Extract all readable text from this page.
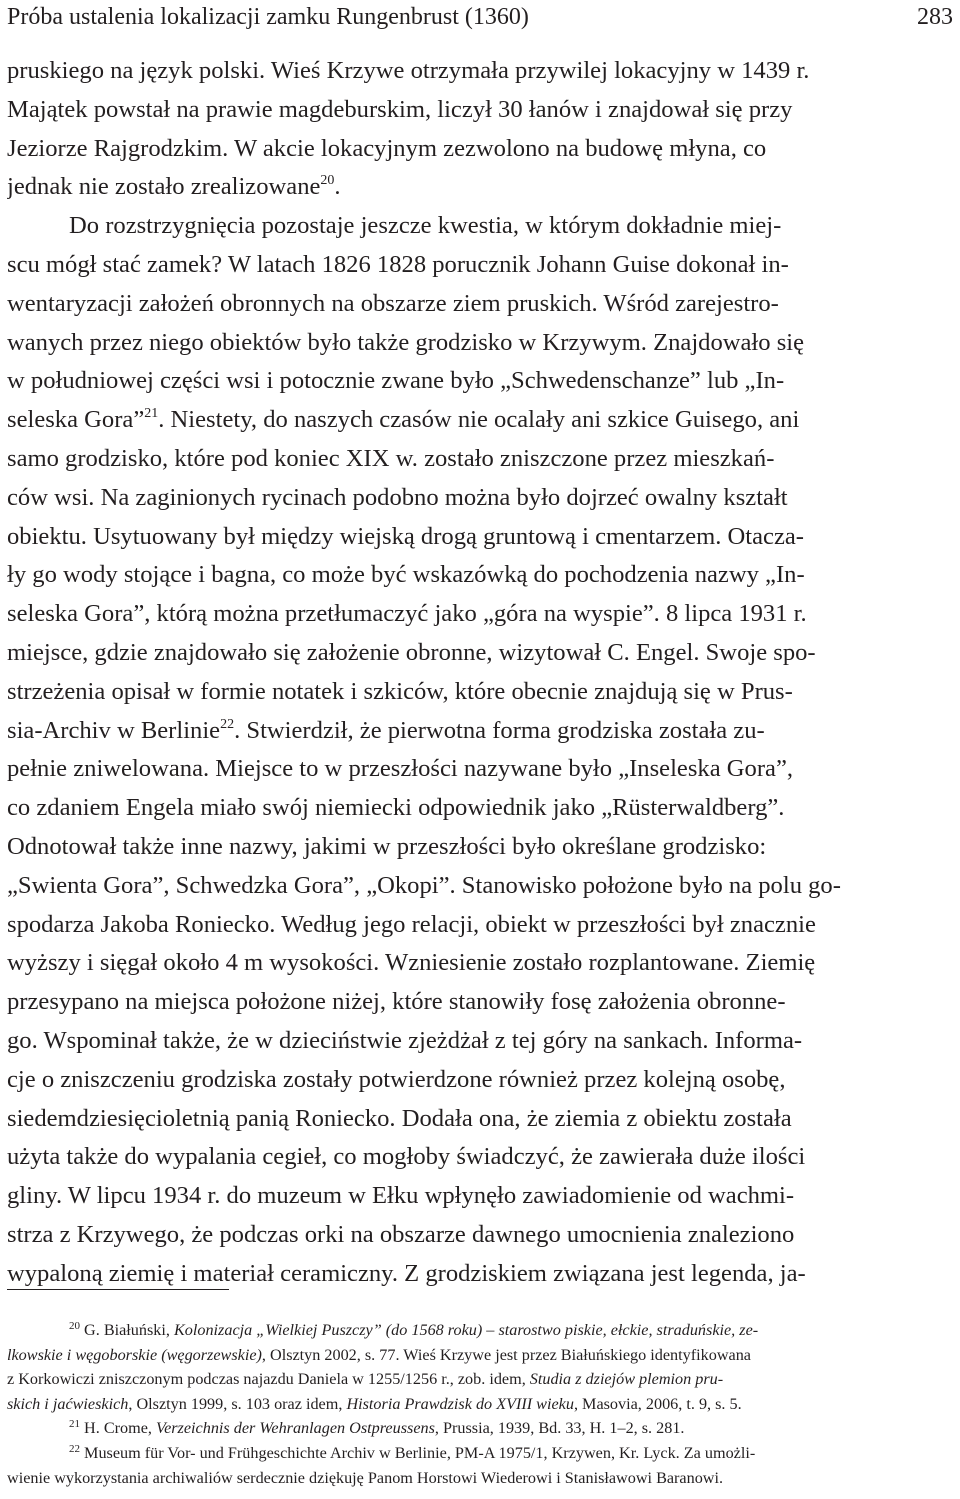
Próba ustalenia lokalizacji zamku Rungenbrust (1360)	283
pruskiego na język polski. Wieś Krzywe otrzymała przywilej lokacyjny w 1439 r.
Majątek powstał na prawie magdeburskim, liczył 30 łanów i znajdował się przy
Jeziorze Rajgrodzkim. W akcie lokacyjnym zezwolono na budowę młyna, co
jednak nie zostało zrealizowane$^{20}$.
Do rozstrzygnięcia pozostaje jeszcze kwestia, w którym dokładnie miej-
scu mógł stać zamek? W latach 1826 1828 porucznik Johann Guise dokonał in-
wentaryzacji założeń obronnych na obszarze ziem pruskich. Wśród zarejestro-
wanych przez niego obiektów było także grodzisko w Krzywym. Znajdowało się
w południowej części wsi i potocznie zwane było „Schwedenschanze” lub „In-
seleska Gora”$^{21}$. Niestety, do naszych czasów nie ocalały ani szkice Guisego, ani
samo grodzisko, które pod koniec XIX w. zostało zniszczone przez mieszkań-
ców wsi. Na zaginionych rycinach podobno można było dojrzeć owalny kształt
obiektu. Usytuowany był między wiejską drogą gruntową i cmentarzem. Otacza-
ły go wody stojące i bagna, co może być wskazówką do pochodzenia nazwy „In-
seleska Gora”, którą można przetłumaczyć jako „góra na wyspie”. 8 lipca 1931 r.
miejsce, gdzie znajdowało się założenie obronne, wizytował C. Engel. Swoje spo-
strzeżenia opisał w formie notatek i szkiców, które obecnie znajdują się w Prus-
sia-Archiv w Berlinie$^{22}$. Stwierdził, że pierwotna forma grodziska została zu-
pełnie zniwelowana. Miejsce to w przeszłości nazywane było „Inseleska Gora”,
co zdaniem Engela miało swój niemiecki odpowiednik jako „Rüsterwaldberg”.
Odnotował także inne nazwy, jakimi w przeszłości było określane grodzisko:
„Swienta Gora”, Schwedzka Gora”, „Okopi”. Stanowisko położone było na polu go-
spodarza Jakoba Roniecko. Według jego relacji, obiekt w przeszłości był znacznie
wyższy i sięgał około 4 m wysokości. Wzniesienie zostało rozplantowane. Ziemię
przesypano na miejsca położone niżej, które stanowiły fosę założenia obronne-
go. Wspominał także, że w dzieciństwie zjeżdżał z tej góry na sankach. Informa-
cje o zniszczeniu grodziska zostały potwierdzone również przez kolejną osobę,
siedemdziesięcioletnią panią Roniecko. Dodała ona, że ziemia z obiektu została
użyta także do wypalania cegieł, co mogłoby świadczyć, że zawierała duże ilości
gliny. W lipcu 1934 r. do muzeum w Ełku wpłynęło zawiadomienie od wachmi-
strza z Krzywego, że podczas orki na obszarze dawnego umocnienia znaleziono
wypaloną ziemię i materiał ceramiczny. Z grodziskiem związana jest legenda, ja-
$^{20}$ G. Białuński, Kolonizacja „Wielkiej Puszczy” (do 1568 roku) – starostwo piskie, ełckie, straduńskie, ze-
lkowskie i węgoborskie (węgorzewskie), Olsztyn 2002, s. 77. Wieś Krzywe jest przez Białuńskiego identyfikowana
z Korkowiczi zniszczonym podczas najazdu Daniela w 1255/1256 r., zob. idem, Studia z dziejów plemion pru-
skich i jaćwieskich, Olsztyn 1999, s. 103 oraz idem, Historia Prawdzisk do XVIII wieku, Masovia, 2006, t. 9, s. 5.
$^{21}$ H. Crome, Verzeichnis der Wehranlagen Ostpreussens, Prussia, 1939, Bd. 33, H. 1–2, s. 281.
$^{22}$ Museum für Vor- und Frühgeschichte Archiv w Berlinie, PM-A 1975/1, Krzywen, Kr. Lyck. Za umożli-
wienie wykorzystania archiwaliów serdecznie dziękuję Panom Horstowi Wiederowi i Stanisławowi Baranowi.
